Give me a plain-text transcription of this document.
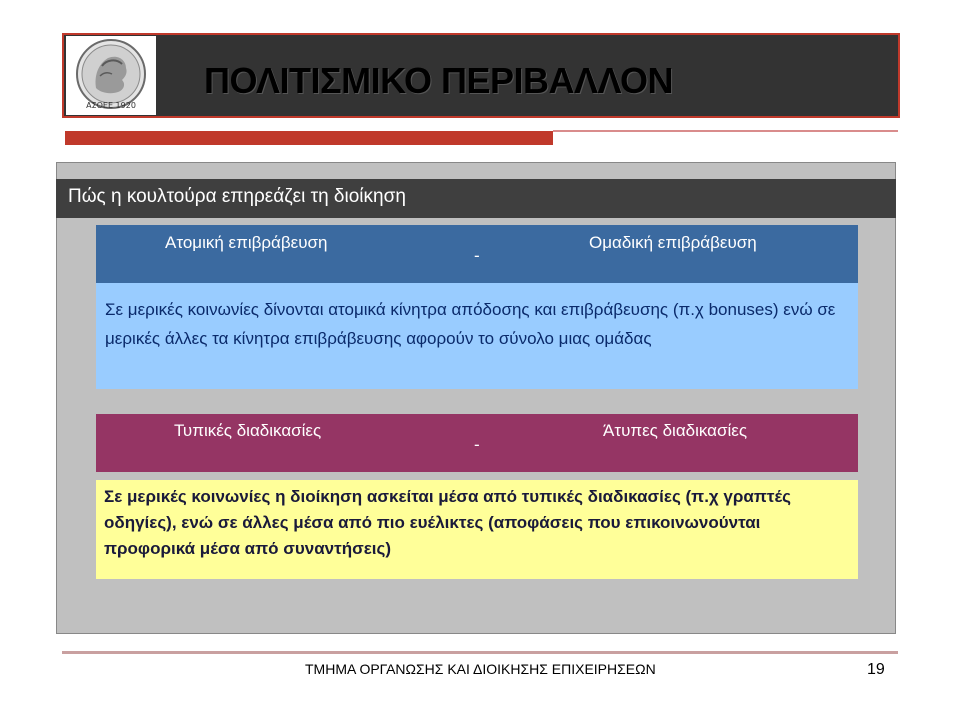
ΑΣΟΕΕ 1920
ΠΟΛΙΤΙΣΜΙΚΟ ΠΕΡΙΒΑΛΛΟΝ
Πώς η κουλτούρα επηρεάζει τη διοίκηση
Ατομική επιβράβευση
-
Ομαδική επιβράβευση
Σε μερικές κοινωνίες δίνονται ατομικά κίνητρα απόδοσης και επιβράβευσης (π.χ bonuses) ενώ σε μερικές άλλες τα κίνητρα επιβράβευσης αφορούν το σύνολο μιας ομάδας
Τυπικές διαδικασίες
-
Άτυπες διαδικασίες
Σε μερικές κοινωνίες η διοίκηση ασκείται μέσα από τυπικές διαδικασίες (π.χ γραπτές οδηγίες), ενώ σε άλλες μέσα από πιο ευέλικτες (αποφάσεις που επικοινωνούνται προφορικά μέσα από συναντήσεις)
ΤΜΗΜΑ ΟΡΓΑΝΩΣΗΣ ΚΑΙ ΔΙΟΙΚΗΣΗΣ ΕΠΙΧΕΙΡΗΣΕΩΝ	19
